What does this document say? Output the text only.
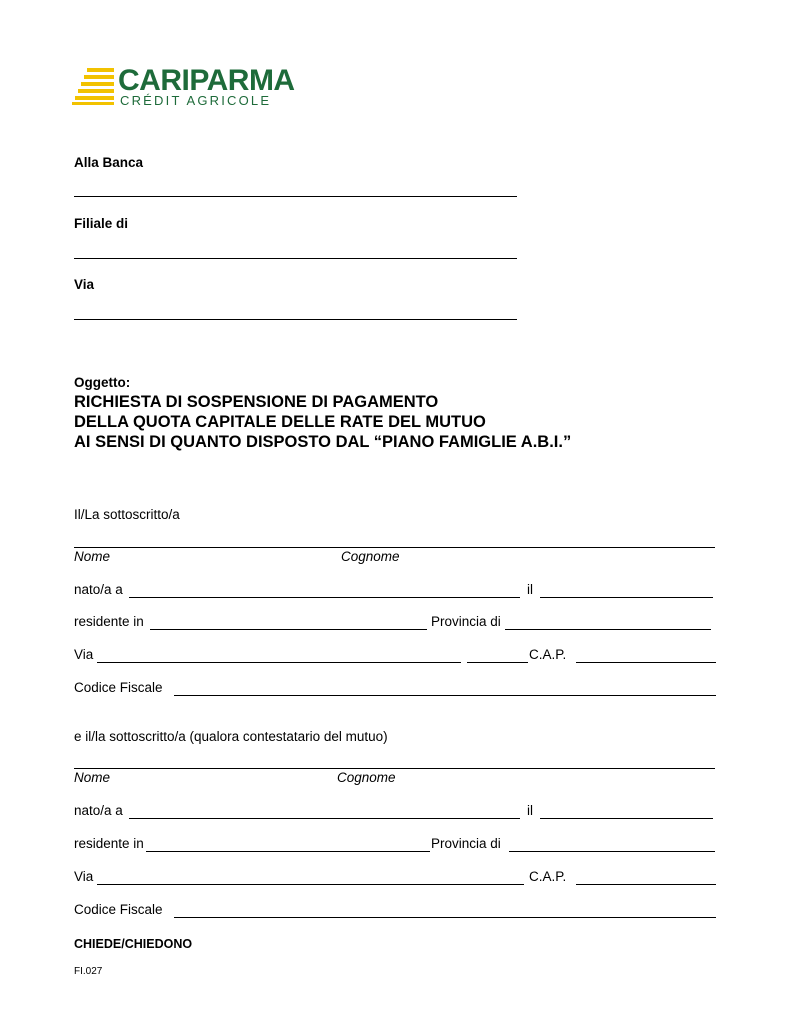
CARIPARMA
CRÉDIT AGRICOLE
Alla Banca
Filiale di
Via
Oggetto:
RICHIESTA DI SOSPENSIONE DI PAGAMENTO
DELLA QUOTA CAPITALE DELLE RATE DEL MUTUO
AI SENSI DI QUANTO DISPOSTO DAL “PIANO FAMIGLIE A.B.I.”
Il/La sottoscritto/a
Nome	Cognome
nato/a a	il
residente in	Provincia di
Via	C.A.P.
Codice Fiscale
e il/la sottoscritto/a (qualora contestatario del mutuo)
Nome	Cognome
nato/a a	il
residente in	Provincia di
Via	C.A.P.
Codice Fiscale
CHIEDE/CHIEDONO
FI.027
